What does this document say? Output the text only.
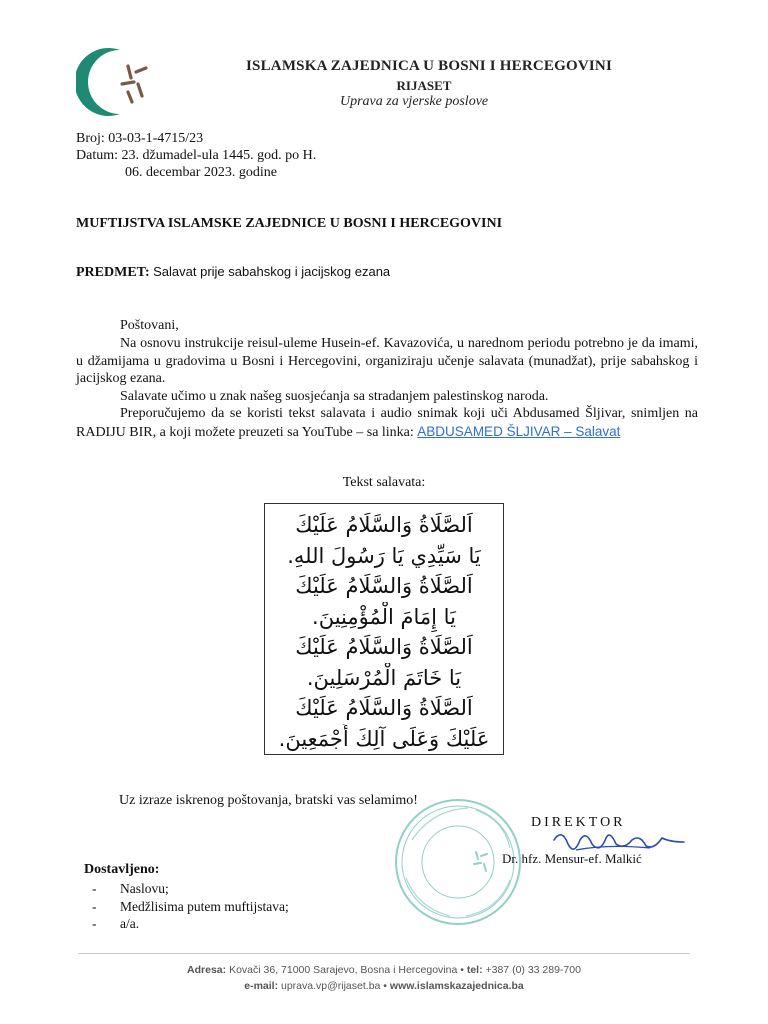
ISLAMSKA ZAJEDNICA U BOSNI I HERCEGOVINI
RIJASET
Uprava za vjerske poslove
Broj: 03-03-1-4715/23
Datum: 23. džumadel-ula 1445. god. po H.
06. decembar 2023. godine
MUFTIJSTVA ISLAMSKE ZAJEDNICE U BOSNI I HERCEGOVINI
PREDMET: Salavat prije sabahskog i jacijskog ezana
Poštovani,

Na osnovu instrukcije reisul-uleme Husein-ef. Kavazovića, u narednom periodu potrebno je da imami, u džamijama u gradovima u Bosni i Hercegovini, organiziraju učenje salavata (munadžat), prije sabahskog i jacijskog ezana.

Salavate učimo u znak našeg suosjećanja sa stradanjem palestinskog naroda.

Preporučujemo da se koristi tekst salavata i audio snimak koji uči Abdusamed Šljivar, snimljen na RADIJU BIR, a koji možete preuzeti sa YouTube – sa linka: ABDUSAMED ŠLJIVAR – Salavat

Tekst salavata:
اَلصَّلَاةُ وَالسَّلَامُ عَلَيْكَ
يَا سَيِّدِي يَا رَسُولَ اللهِ.
اَلصَّلَاةُ وَالسَّلَامُ عَلَيْكَ
يَا إِمَامَ الْمُؤْمِنِينَ.
اَلصَّلَاةُ وَالسَّلَامُ عَلَيْكَ
يَا خَاتَمَ الْمُرْسَلِينَ.
اَلصَّلَاةُ وَالسَّلَامُ عَلَيْكَ
عَلَيْكَ وَعَلَى آلِكَ أَجْمَعِينَ.
Uz izraze iskrenog poštovanja, bratski vas selamimo!
DIREKTOR
Dr. hfz. Mensur-ef. Malkić
Dostavljeno:
- Naslovu;
- Medžlisima putem muftijstava;
- a/a.
Adresa: Kovači 36, 71000 Sarajevo, Bosna i Hercegovina • tel: +387 (0) 33 289-700
e-mail: uprava.vp@rijaset.ba • www.islamskazajednica.ba
